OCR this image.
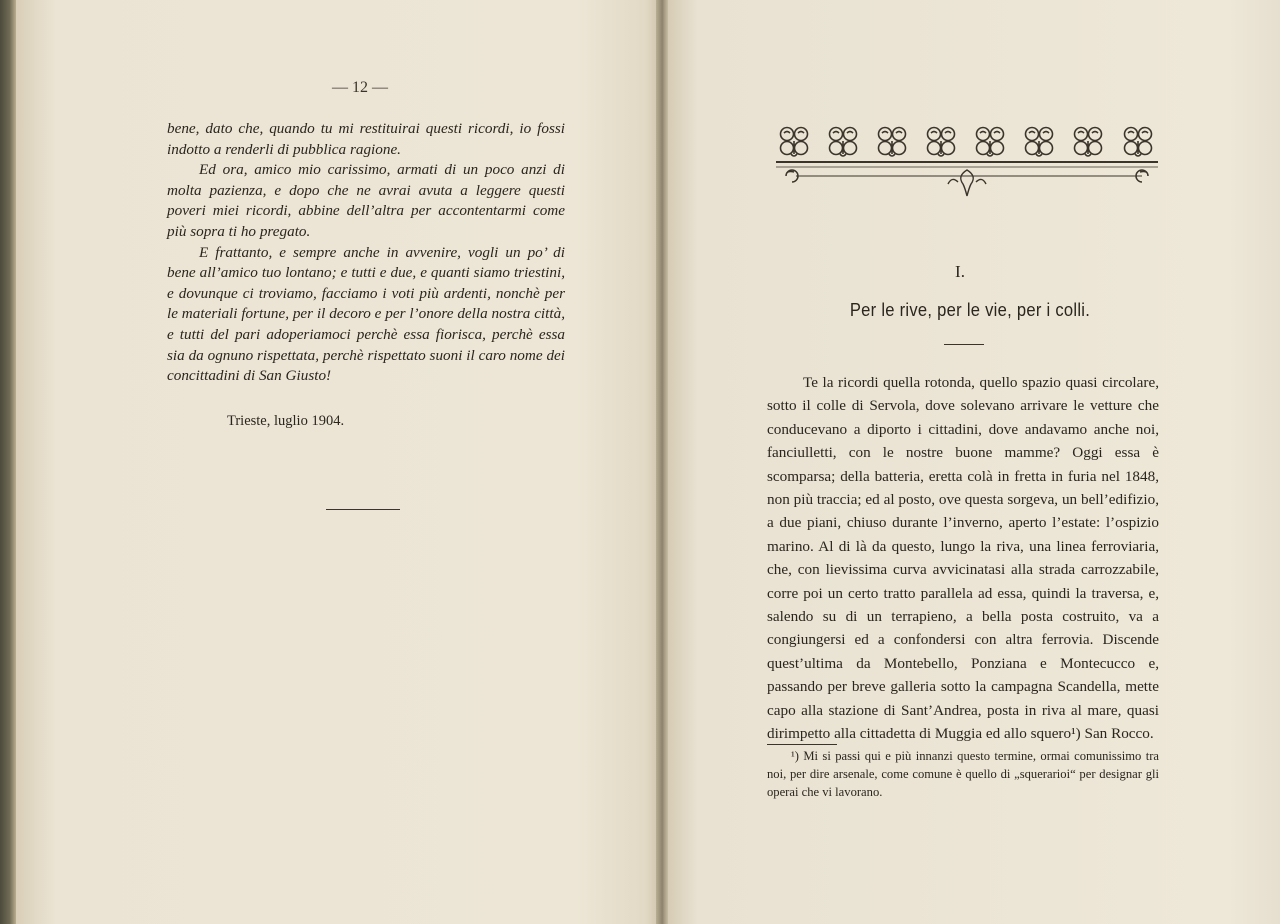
— 12 —

bene, dato che, quando tu mi restituirai questi ricordi, io fossi indotto a renderli di pubblica ragione.

Ed ora, amico mio carissimo, armati di un poco anzi di molta pazienza, e dopo che ne avrai avuta a leggere questi poveri miei ricordi, abbine dell’altra per accontentarmi come più sopra ti ho pregato.

E frattanto, e sempre anche in avvenire, vogli un po’ di bene all’amico tuo lontano; e tutti e due, e quanti siamo triestini, e dovunque ci troviamo, facciamo i voti più ardenti, nonchè per le materiali fortune, per il decoro e per l’onore della nostra città, e tutti del pari adoperiamoci perchè essa fiorisca, perchè essa sia da ognuno rispettata, perchè rispettato suoni il caro nome dei concittadini di San Giusto!

Trieste, luglio 1904.
I.
Per le rive, per le vie, per i colli.

Te la ricordi quella rotonda, quello spazio quasi circolare, sotto il colle di Servola, dove solevano arrivare le vetture che conducevano a diporto i cittadini, dove andavamo anche noi, fanciulletti, con le nostre buone mamme? Oggi essa è scomparsa; della batteria, eretta colà in fretta in furia nel 1848, non più traccia; ed al posto, ove questa sorgeva, un bell’edifizio, a due piani, chiuso durante l’inverno, aperto l’estate: l’ospizio marino. Al di là da questo, lungo la riva, una linea ferroviaria, che, con lievissima curva avvicinatasi alla strada carrozzabile, corre poi un certo tratto parallela ad essa, quindi la traversa, e, salendo su di un terrapieno, a bella posta costruito, va a congiungersi ed a confondersi con altra ferrovia. Discende quest’ultima da Montebello, Ponziana e Montecucco e, passando per breve galleria sotto la campagna Scandella, mette capo alla stazione di Sant’Andrea, posta in riva al mare, quasi dirimpetto alla cittadetta di Muggia ed allo squero¹) San Rocco.

¹) Mi si passi qui e più innanzi questo termine, ormai comunissimo tra noi, per dire arsenale, come comune è quello di „squerarioi“ per designar gli operai che vi lavorano.
